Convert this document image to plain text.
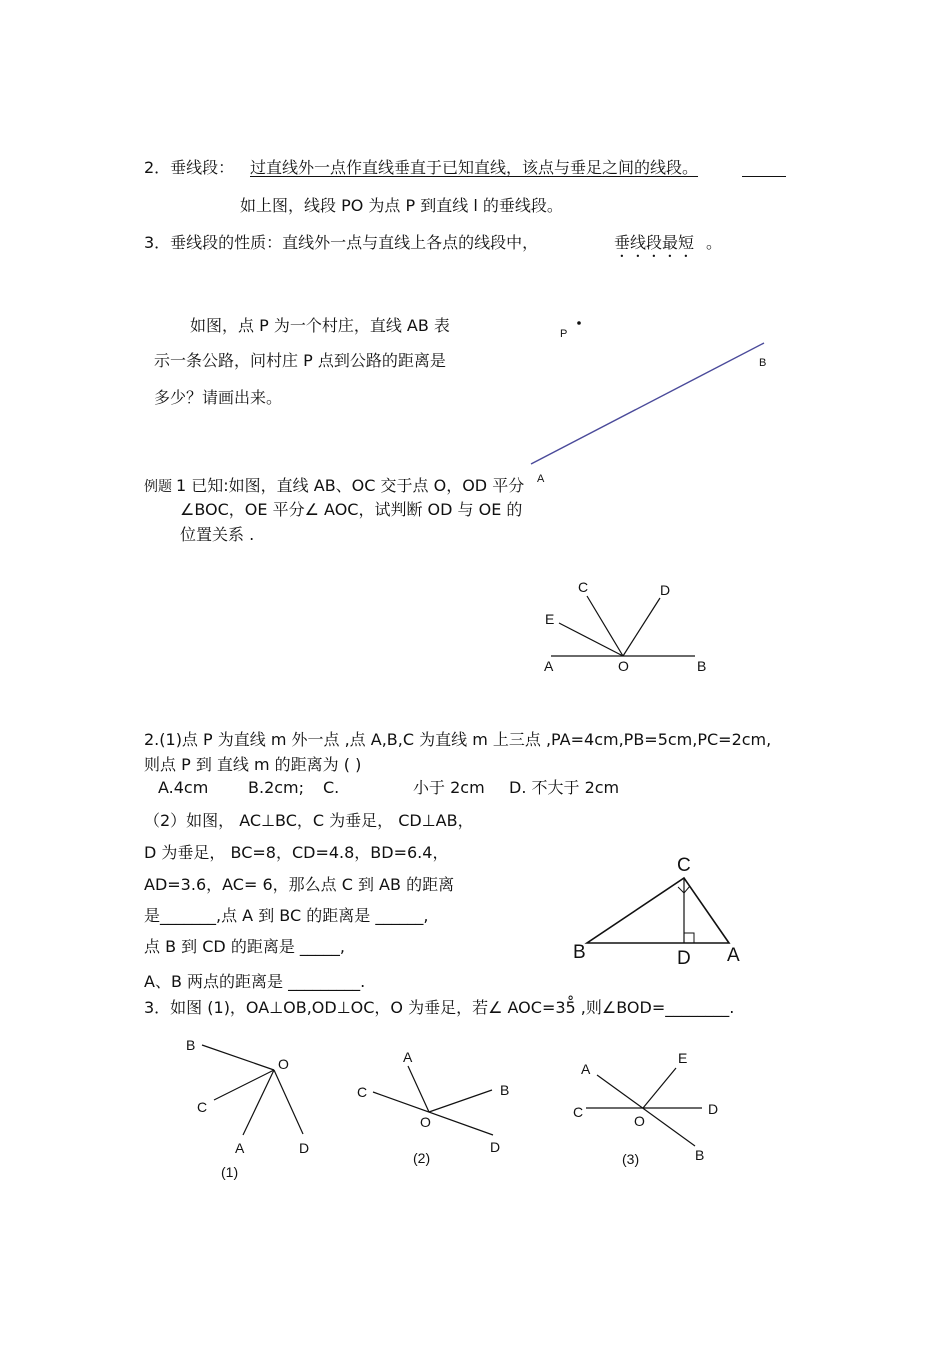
2．垂线段： 过直线外一点作直线垂直于已知直线，该点与垂足之间的线段。
如上图，线段 PO 为点 P 到直线 l 的垂线段。
3．垂线段的性质：直线外一点与直线上各点的线段中，	垂线段最短 。
如图，点 P 为一个村庄，直线 AB 表
示一条公路，问村庄 P 点到公路的距离是
多少？请画出来。
P
B
A
例题 1 已知:如图，直线 AB、OC 交于点 O，OD 平分
∠BOC，OE 平分∠ AOC，试判断 OD 与 OE 的
位置关系 .
A	O	B
C	D
E
2.(1)点 P 为直线 m 外一点 ,点 A,B,C 为直线 m 上三点 ,PA=4cm,PB=5cm,PC=2cm,
则点 P 到 直线 m 的距离为 ( )
A.4cm B.2cm; C.	小于 2cm D. 不大于 2cm
（2）如图， AC⊥BC，C 为垂足， CD⊥AB，
D 为垂足， BC=8，CD=4.8，BD=6.4，
AD=3.6，AC= 6，那么点 C 到 AB 的距离
是_______,点 A 到 BC 的距离是 ______,
点 B 到 CD 的距离是 _____,
A、B 两点的距离是 _________.
C
B	D A
3．如图 (1)，OA⊥OB,OD⊥OC，O 为垂足，若∠ AOC=35̊ ,则∠BOD=________.
B
O
C
A	D
(1)
A
B
C
O
D
(2)
A
E
C	D
O
B
(3)
